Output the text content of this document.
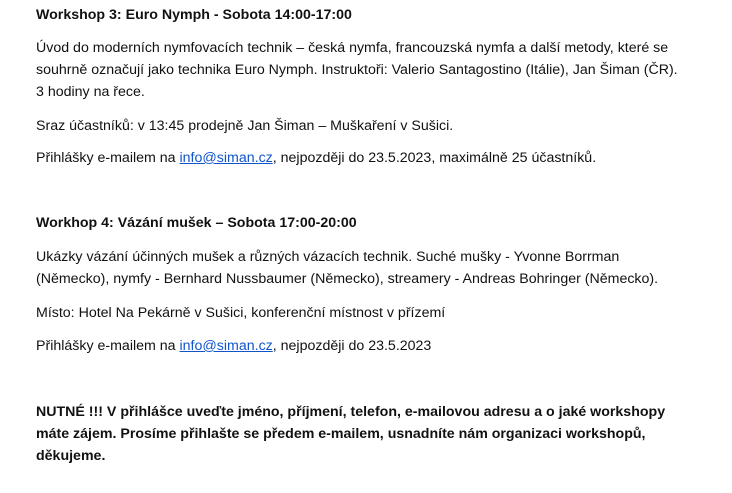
Workshop 3: Euro Nymph - Sobota 14:00-17:00
Úvod do moderních nymfovacích technik – česká nymfa, francouzská nymfa a další metody, které se
souhrně označují jako technika Euro Nymph. Instruktoři: Valerio Santagostino (Itálie), Jan Šiman (ČR).
3 hodiny na řece.
Sraz účastníků: v 13:45 prodejně Jan Šiman – Muškaření v Sušici.
Přihlášky e-mailem na info@siman.cz, nejpozději do 23.5.2023, maximálně 25 účastníků.
Workhop 4: Vázání mušek – Sobota 17:00-20:00
Ukázky vázání účinných mušek a různých vázacích technik. Suché mušky - Yvonne Borrman
(Německo), nymfy - Bernhard Nussbaumer (Německo), streamery - Andreas Bohringer (Německo).
Místo: Hotel Na Pekárně v Sušici, konferenční místnost v přízemí
Přihlášky e-mailem na info@siman.cz, nejpozději do 23.5.2023
NUTNÉ !!! V přihlášce uveďte jméno, příjmení, telefon, e-mailovou adresu a o jaké workshopy
máte zájem. Prosíme přihlašte se předem e-mailem, usnadníte nám organizaci workshopů,
děkujeme.
